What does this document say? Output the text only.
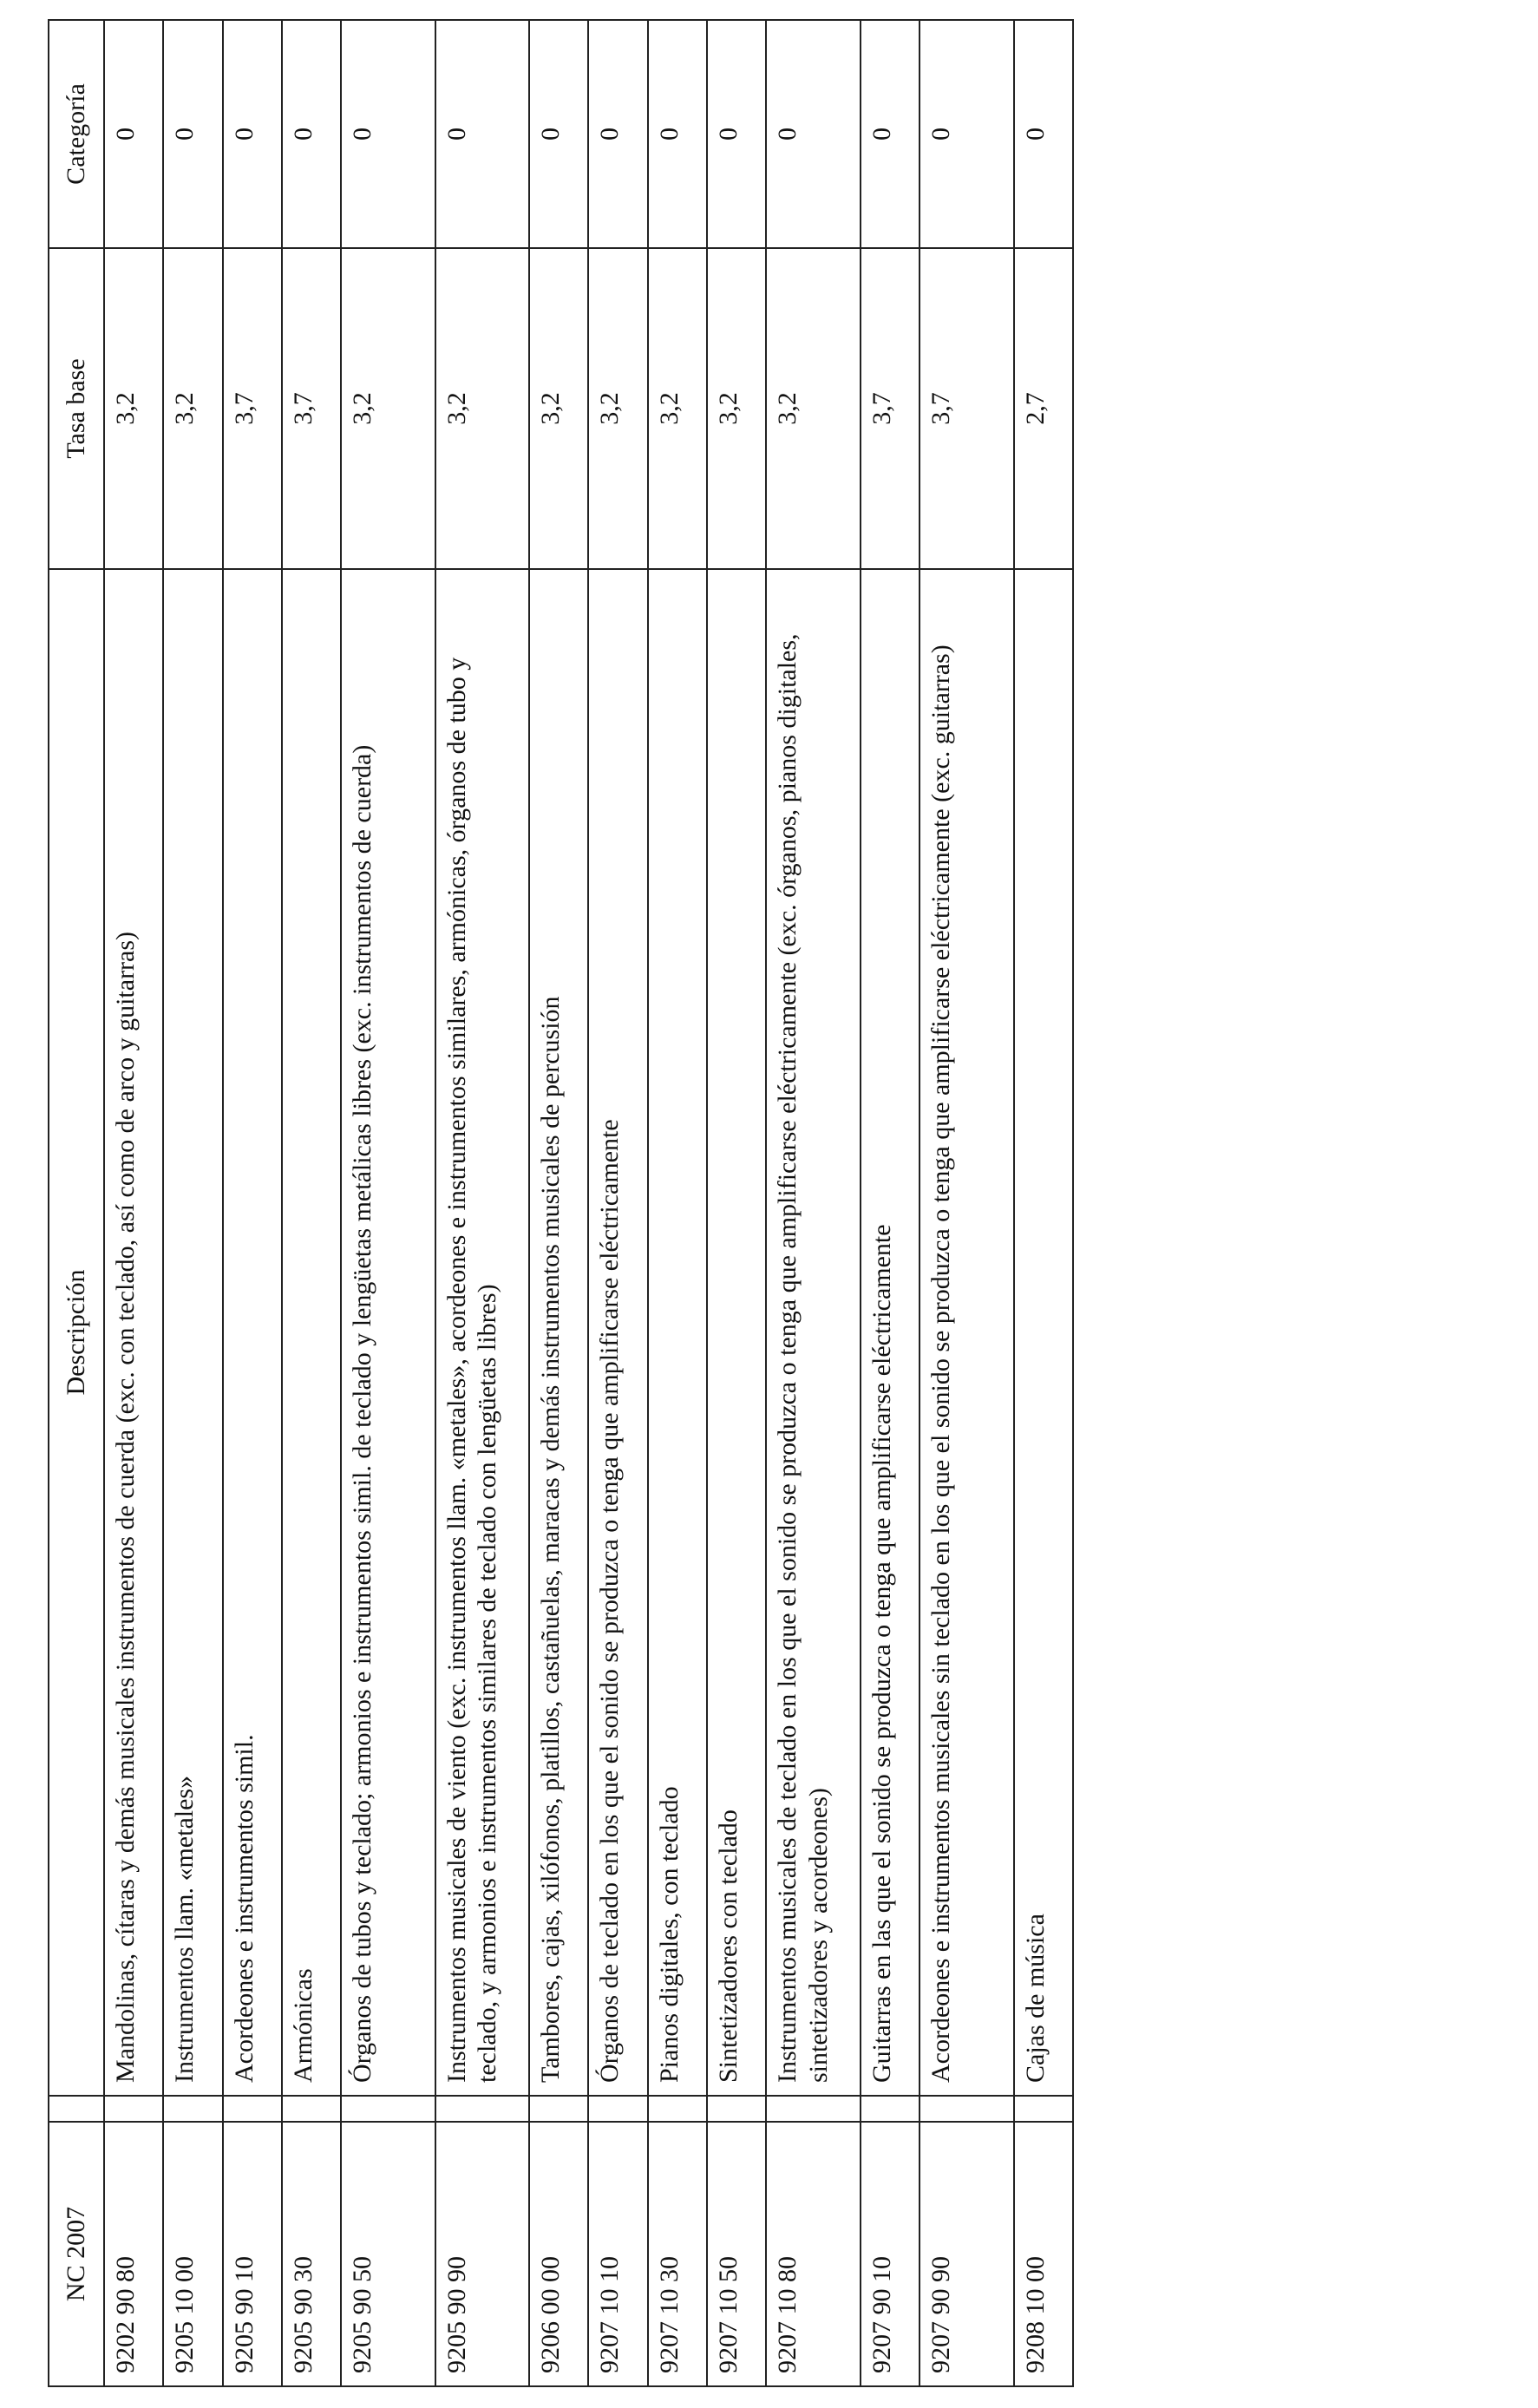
NC 2007		Descripción	Tasa base	Categoría
9202 90 80		Mandolinas, cítaras y demás musicales instrumentos de cuerda (exc. con teclado, así como de arco y guitarras)	3,2	0
9205 10 00		Instrumentos llam. «metales»	3,2	0
9205 90 10		Acordeones e instrumentos simil.	3,7	0
9205 90 30		Armónicas	3,7	0
9205 90 50		Órganos de tubos y teclado; armonios e instrumentos simil. de teclado y lengüetas metálicas libres (exc. instrumentos de cuerda)	3,2	0
9205 90 90		Instrumentos musicales de viento (exc. instrumentos llam. «metales», acordeones e instrumentos similares, armónicas, órganos de tubo y teclado, y armonios e instrumentos similares de teclado con lengüetas libres)	3,2	0
9206 00 00		Tambores, cajas, xilófonos, platillos, castañuelas, maracas y demás instrumentos musicales de percusión	3,2	0
9207 10 10		Órganos de teclado en los que el sonido se produzca o tenga que amplificarse eléctricamente	3,2	0
9207 10 30		Pianos digitales, con teclado	3,2	0
9207 10 50		Sintetizadores con teclado	3,2	0
9207 10 80		Instrumentos musicales de teclado en los que el sonido se produzca o tenga que amplificarse eléctricamente (exc. órganos, pianos digitales, sintetizadores y acordeones)	3,2	0
9207 90 10		Guitarras en las que el sonido se produzca o tenga que amplificarse eléctricamente	3,7	0
9207 90 90		Acordeones e instrumentos musicales sin teclado en los que el sonido se produzca o tenga que amplificarse eléctricamente (exc. guitarras)	3,7	0
9208 10 00		Cajas de música	2,7	0
